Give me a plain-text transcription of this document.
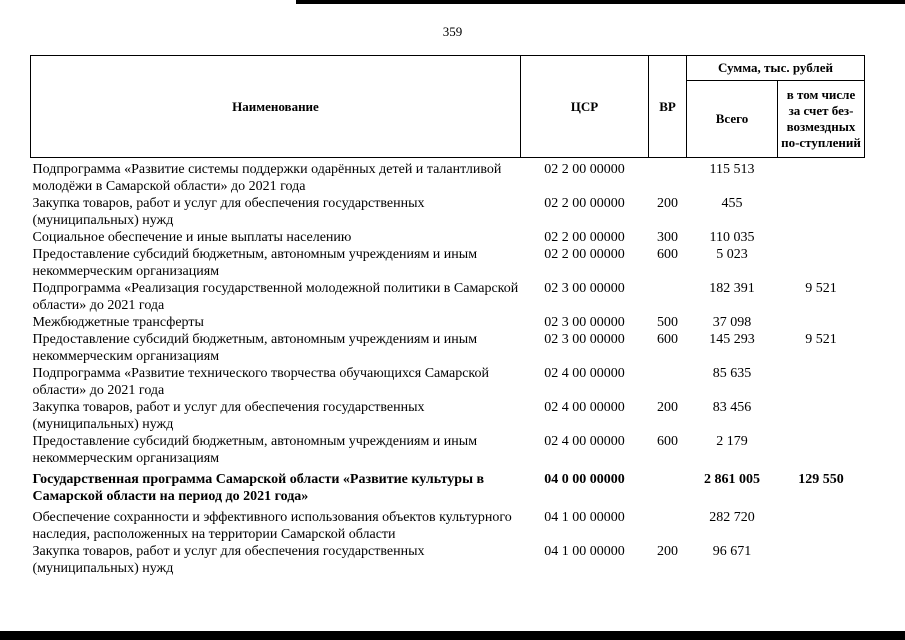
359
Наименование	ЦСР	ВР	Сумма, тыс. рублей	
			Всего	в том числе за счет без-возмездных по-ступлений
Подпрограмма «Развитие системы поддержки одарённых детей и талантливой молодёжи в Самарской области» до 2021 года	02 2 00 00000		115 513	
Закупка товаров, работ и услуг для обеспечения государственных (муниципальных) нужд	02 2 00 00000	200	455	
Социальное обеспечение и иные выплаты населению	02 2 00 00000	300	110 035	
Предоставление субсидий бюджетным, автономным учреждениям и иным некоммерческим организациям	02 2 00 00000	600	5 023	
Подпрограмма «Реализация государственной молодежной политики в Самарской области» до 2021 года	02 3 00 00000		182 391	9 521
Межбюджетные трансферты	02 3 00 00000	500	37 098	
Предоставление субсидий бюджетным, автономным учреждениям и иным некоммерческим организациям	02 3 00 00000	600	145 293	9 521
Подпрограмма «Развитие технического творчества обучающихся Самарской области» до 2021 года	02 4 00 00000		85 635	
Закупка товаров, работ и услуг для обеспечения государственных (муниципальных) нужд	02 4 00 00000	200	83 456	
Предоставление субсидий бюджетным, автономным учреждениям и иным некоммерческим организациям	02 4 00 00000	600	2 179	

Государственная программа Самарской области «Развитие культуры в Самарской области на период до 2021 года»	04 0 00 00000		2 861 005	129 550

Обеспечение сохранности и эффективного использования объектов культурного наследия, расположенных на территории Самарской области	04 1 00 00000		282 720	
Закупка товаров, работ и услуг для обеспечения государственных (муниципальных) нужд	04 1 00 00000	200	96 671	
